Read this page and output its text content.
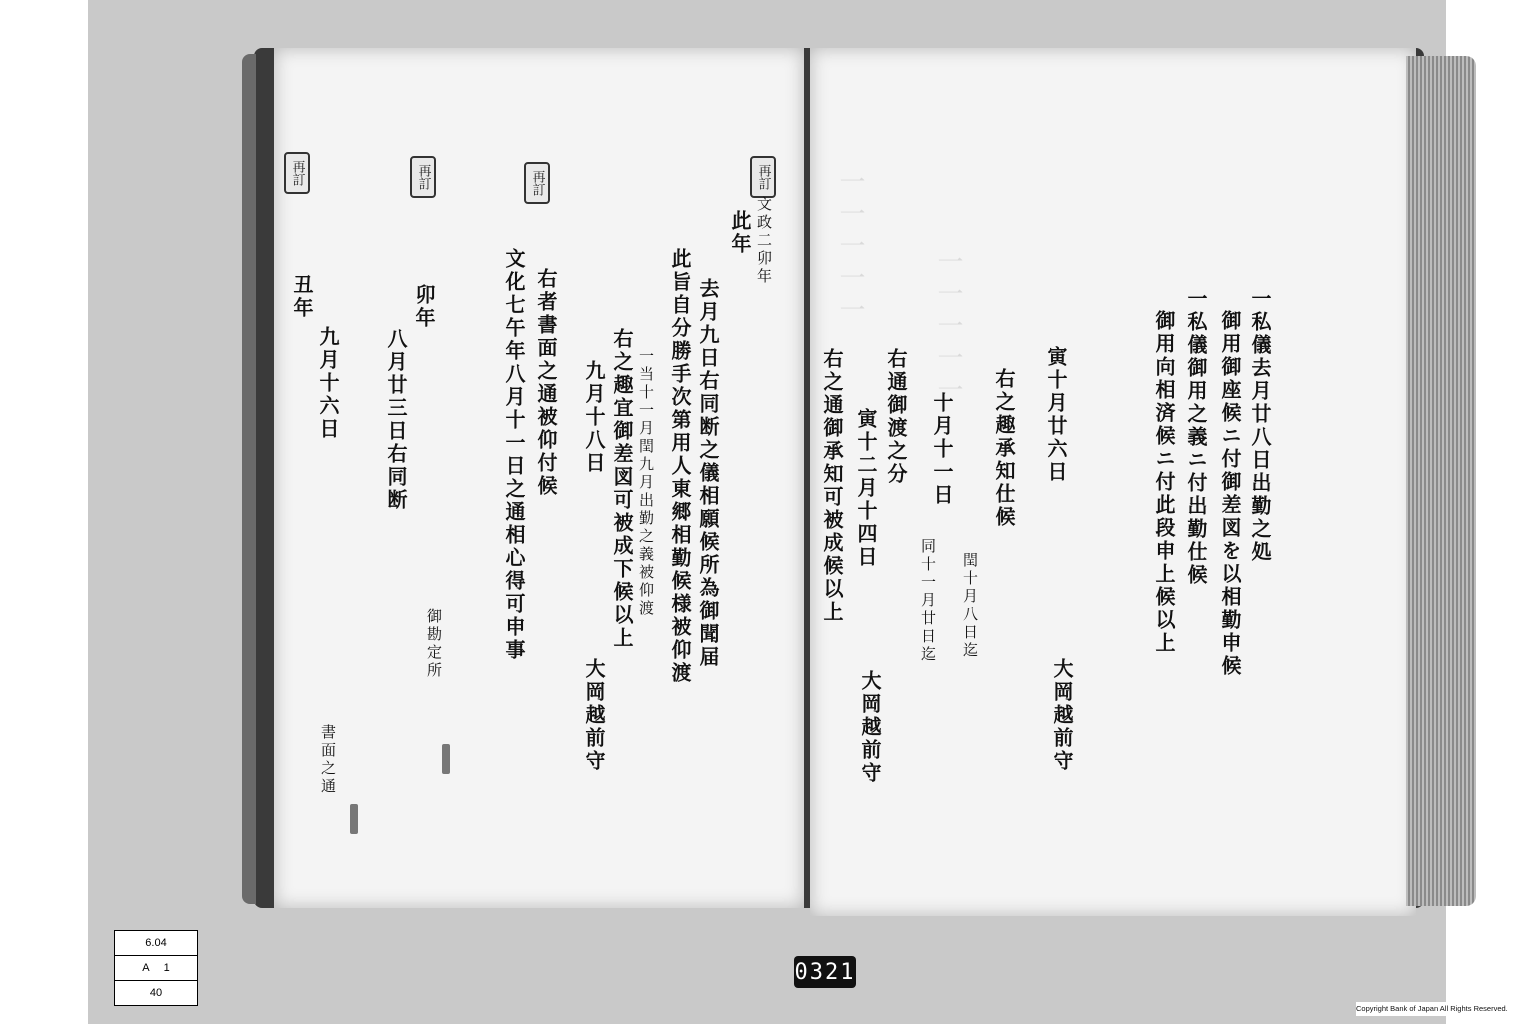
再訂
再訂
再訂
再訂
文政二卯年
此年
去月九日右同断之儀相願候所為御聞届
此旨自分勝手次第用人東郷相勤候様被仰渡
一当十一月閏九月出勤之義被仰渡
右之趣宜御差図可被成下候以上
九月十八日
大岡越前守
右者書面之通被仰付候
文化七午年八月十一日之通相心得可申事
卯年
八月廿三日右同断
御勘定所
丑年
九月十六日
書面之通
一一一一一	一一一一一	一私儀去月廿八日出勤之処
御用御座候ニ付御差図を以相勤申候
一私儀御用之義ニ付出勤仕候
御用向相済候ニ付此段申上候以上
寅十月廿六日
大岡越前守
右之趣承知仕候
閏十月八日迄
十月十一日
同十一月廿日迄
右通御渡之分
寅十二月十四日
大岡越前守
右之通御承知可被成候以上
6.04
A 1
40
0321
Copyright Bank of Japan All Rights Reserved.
